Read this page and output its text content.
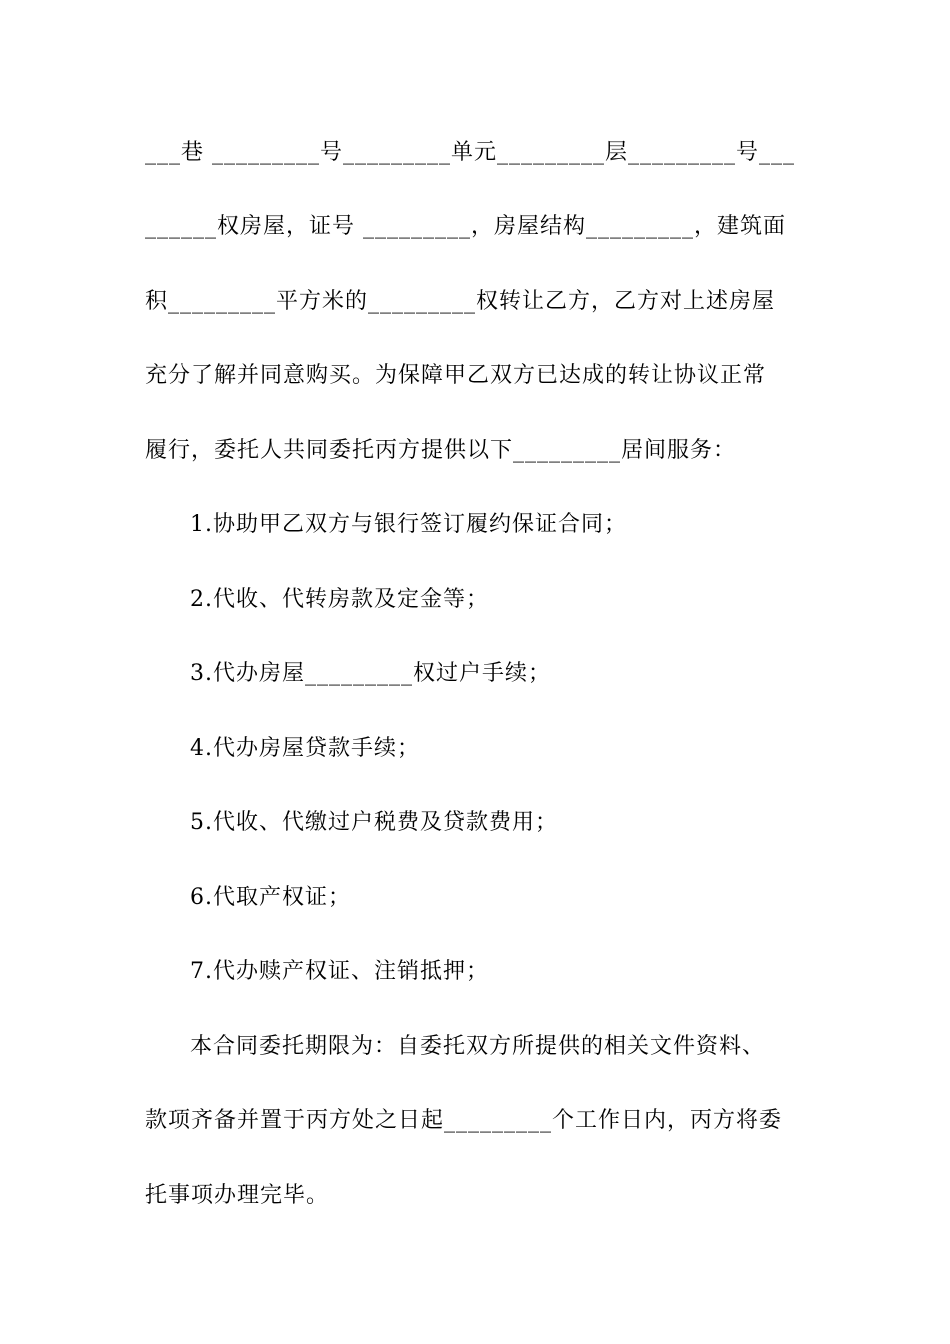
___巷 _________号_________单元_________层_________号___
______权房屋，证号 _________，房屋结构_________，建筑面
积_________平方米的_________权转让乙方，乙方对上述房屋
充分了解并同意购买。为保障甲乙双方已达成的转让协议正常
履行，委托人共同委托丙方提供以下_________居间服务：
1.协助甲乙双方与银行签订履约保证合同；
2.代收、代转房款及定金等；
3.代办房屋_________权过户手续；
4.代办房屋贷款手续；
5.代收、代缴过户税费及贷款费用；
6.代取产权证；
7.代办赎产权证、注销抵押；
本合同委托期限为：自委托双方所提供的相关文件资料、
款项齐备并置于丙方处之日起_________个工作日内，丙方将委
托事项办理完毕。
